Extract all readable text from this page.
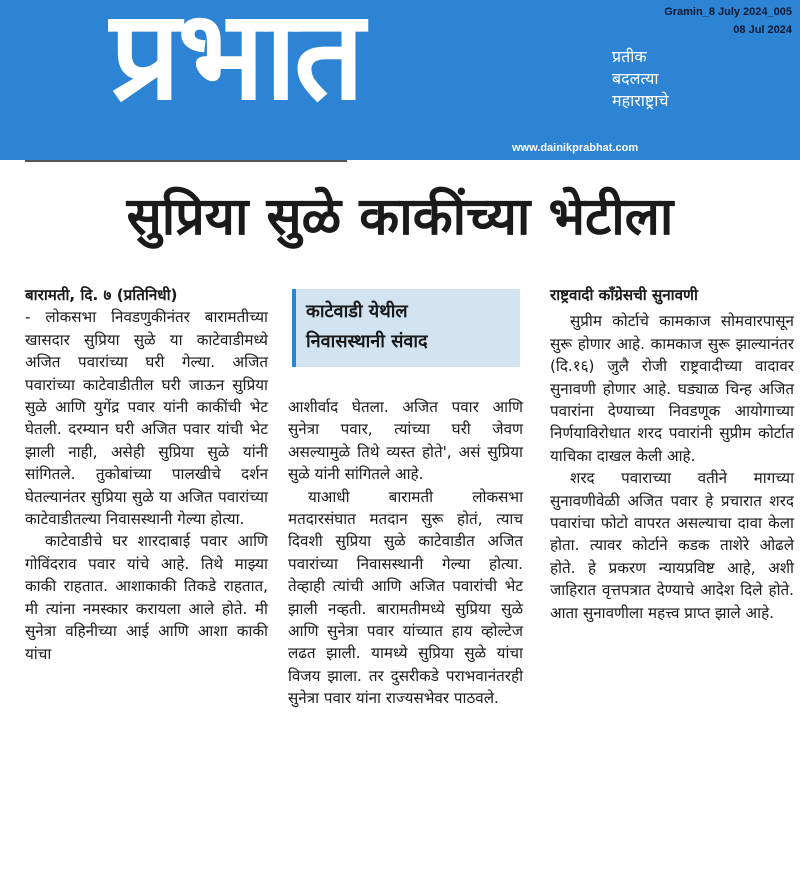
प्रभात	प्रतीक
बदलत्या
महाराष्ट्राचे
Gramin_8 July 2024_005
08 Jul 2024
www.dainikprabhat.com
सुप्रिया सुळे काकींच्या भेटीला
बारामती, दि. ७ (प्रतिनिधी)

- लोकसभा निवडणुकीनंतर बारामतीच्या खासदार सुप्रिया सुळे या काटेवाडीमध्ये अजित पवारांच्या घरी गेल्या. अजित पवारांच्या काटेवाडीतील घरी जाऊन सुप्रिया सुळे आणि युगेंद्र पवार यांनी काकींची भेट घेतली. दरम्यान घरी अजित पवार यांची भेट झाली नाही, असेही सुप्रिया सुळे यांनी सांगितले. तुकोबांच्या पालखीचे दर्शन घेतल्यानंतर सुप्रिया सुळे या अजित पवारांच्या काटेवाडीतल्या निवासस्थानी गेल्या होत्या.

काटेवाडीचे घर शारदाबाई पवार आणि गोविंदराव पवार यांचे आहे. तिथे माझ्या काकी राहतात. आशाकाकी तिकडे राहतात, मी त्यांना नमस्कार करायला आले होते. मी सुनेत्रा वहिनीच्या आई आणि आशा काकी यांचा

काटेवाडी येथील
निवासस्थानी संवाद

आशीर्वाद घेतला. अजित पवार आणि सुनेत्रा पवार, त्यांच्या घरी जेवण असल्यामुळे तिथे व्यस्त होते', असं सुप्रिया सुळे यांनी सांगितले आहे.

याआधी बारामती लोकसभा मतदारसंघात मतदान सुरू होतं, त्याच दिवशी सुप्रिया सुळे काटेवाडीत अजित पवारांच्या निवासस्थानी गेल्या होत्या. तेव्हाही त्यांची आणि अजित पवारांची भेट झाली नव्हती. बारामतीमध्ये सुप्रिया सुळे आणि सुनेत्रा पवार यांच्यात हाय व्होल्टेज लढत झाली. यामध्ये सुप्रिया सुळे यांचा विजय झाला. तर दुसरीकडे पराभवानंतरही सुनेत्रा पवार यांना राज्यसभेवर पाठवले.

राष्ट्रवादी काँग्रेसची सुनावणी

सुप्रीम कोर्टाचे कामकाज सोमवारपासून सुरू होणार आहे. कामकाज सुरू झाल्यानंतर (दि.१६) जुलै रोजी राष्ट्रवादीच्या वादावर सुनावणी होणार आहे. घड्याळ चिन्ह अजित पवारांना देण्याच्या निवडणूक आयोगाच्या निर्णयाविरोधात शरद पवारांनी सुप्रीम कोर्टात याचिका दाखल केली आहे.

शरद पवाराच्या वतीने मागच्या सुनावणीवेळी अजित पवार हे प्रचारात शरद पवारांचा फोटो वापरत असल्याचा दावा केला होता. त्यावर कोर्टाने कडक ताशेरे ओढले होते. हे प्रकरण न्यायप्रविष्ट आहे, अशी जाहिरात वृत्तपत्रात देण्याचे आदेश दिले होते. आता सुनावणीला महत्त्व प्राप्त झाले आहे.
